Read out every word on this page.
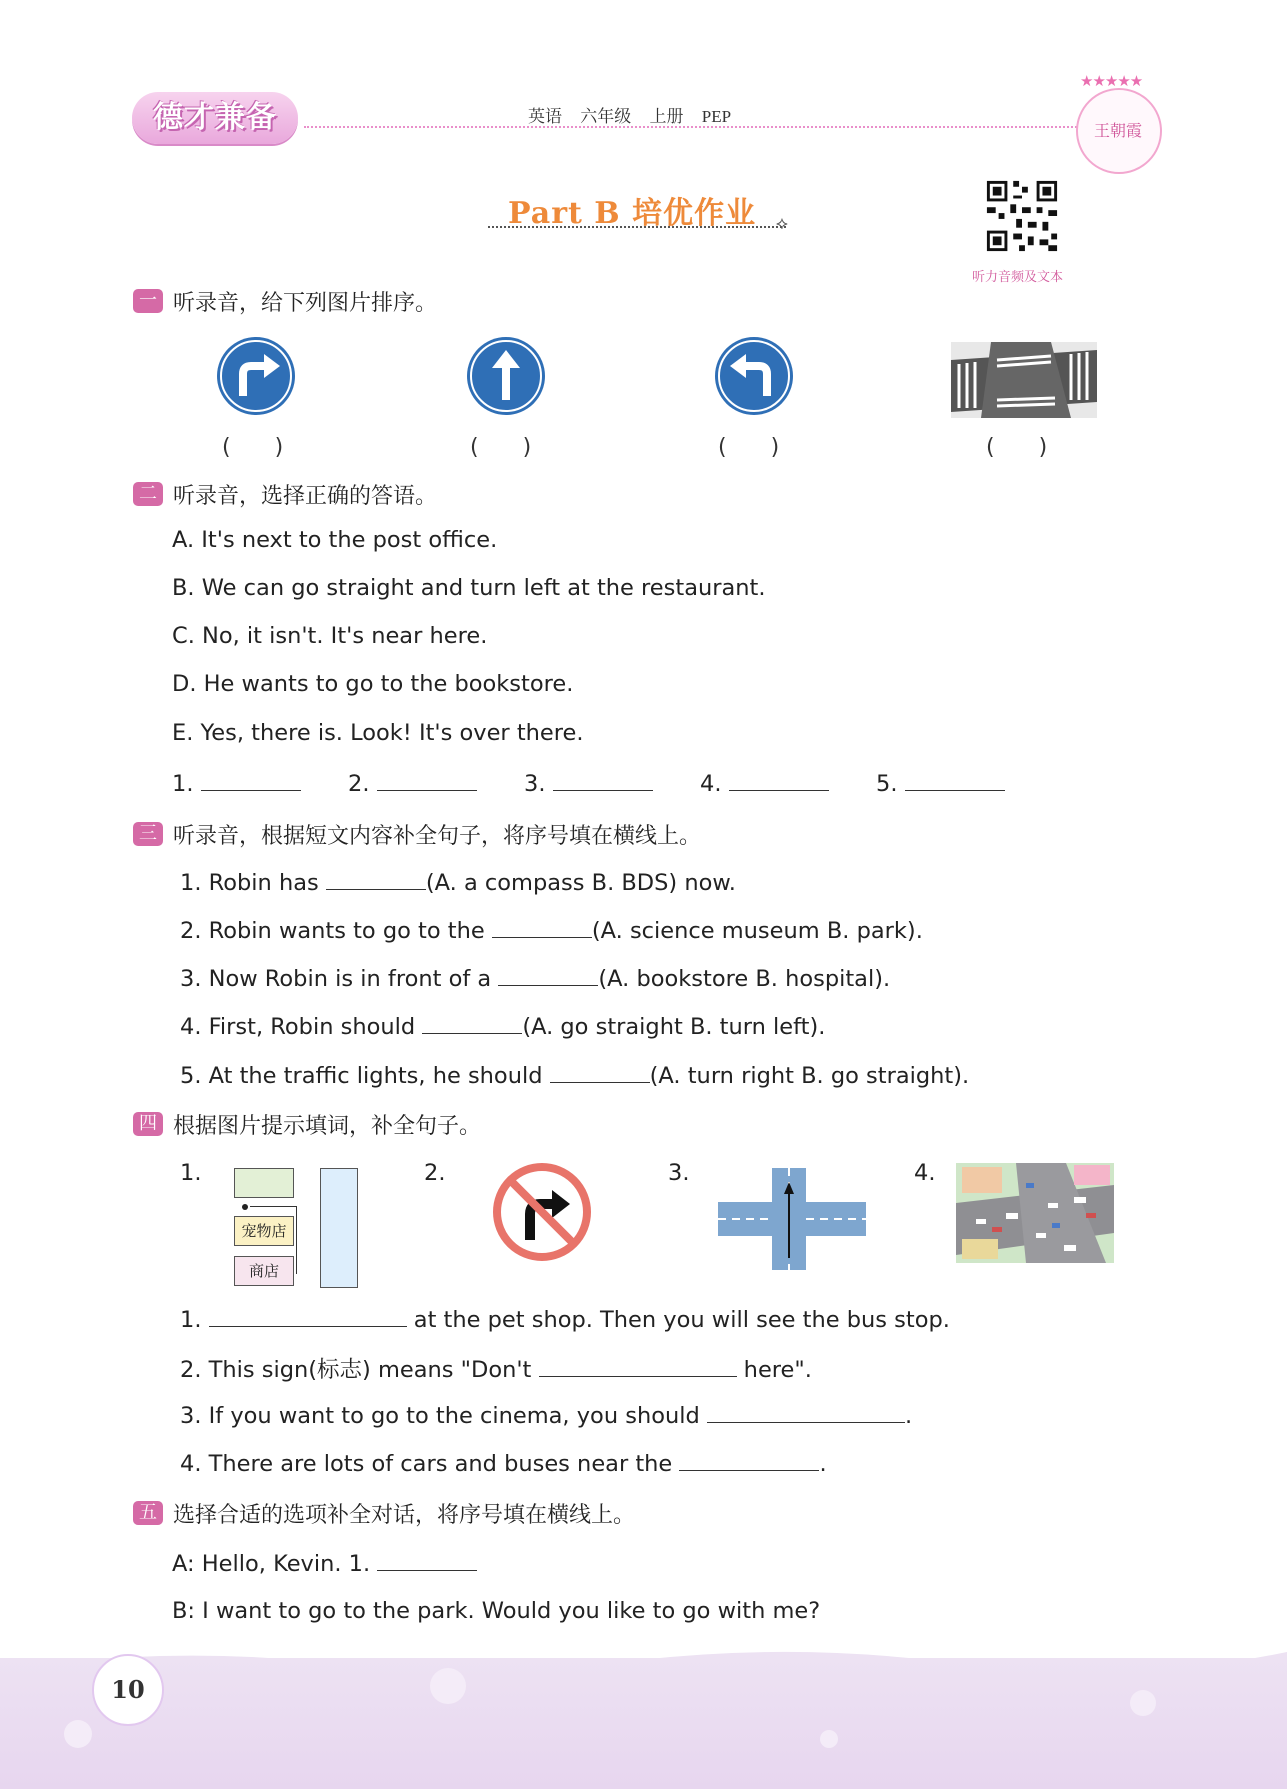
德才兼备	英语 六年级 上册 PEP
★★★★★
王朝霞
Part B 培优作业 ⟡
听力音频及文本
一 听录音，给下列图片排序。
(　　)	(　　)	(　　)	(　　)
二 听录音，选择正确的答语。
A. It's next to the post office.
B. We can go straight and turn left at the restaurant.
C. No, it isn't. It's near here.
D. He wants to go to the bookstore.
E. Yes, there is. Look! It's over there.
1.	2.	3.	4.	5.
三 听录音，根据短文内容补全句子，将序号填在横线上。
1. Robin has	(A. a compass B. BDS) now.
2. Robin wants to go to the	(A. science museum B. park).
3. Now Robin is in front of a	(A. bookstore B. hospital).
4. First, Robin should	(A. go straight B. turn left).
5. At the traffic lights, he should	(A. turn right B. go straight).
四 根据图片提示填词，补全句子。
1.	2.	3.	4.
宠物店
商店
1.	at the pet shop. Then you will see the bus stop.
2. This sign(标志) means "Don't	here".
3. If you want to go to the cinema, you should	.
4. There are lots of cars and buses near the	.
五 选择合适的选项补全对话，将序号填在横线上。
A: Hello, Kevin. 1.
B: I want to go to the park. Would you like to go with me?
10
